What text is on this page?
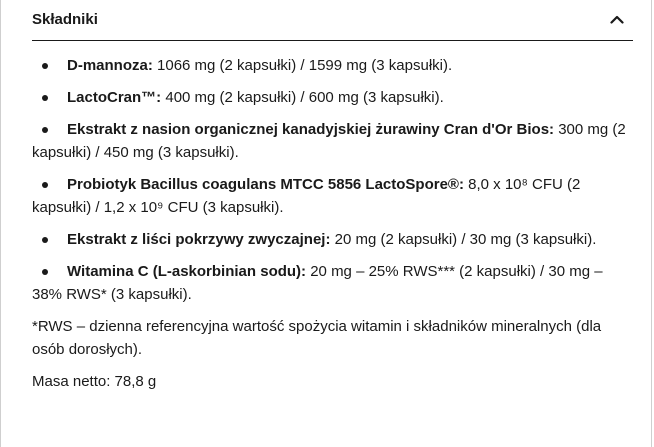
Składniki
D-mannoza: 1066 mg (2 kapsułki) / 1599 mg (3 kapsułki).
LactoCran™: 400 mg (2 kapsułki) / 600 mg (3 kapsułki).
Ekstrakt z nasion organicznej kanadyjskiej żurawiny Cran d'Or Bios: 300 mg (2 kapsułki) / 450 mg (3 kapsułki).
Probiotyk Bacillus coagulans MTCC 5856 LactoSpore®: 8,0 x 10⁸ CFU (2 kapsułki) / 1,2 x 10⁹ CFU (3 kapsułki).
Ekstrakt z liści pokrzywy zwyczajnej: 20 mg (2 kapsułki) / 30 mg (3 kapsułki).
Witamina C (L-askorbinian sodu): 20 mg – 25% RWS*** (2 kapsułki) / 30 mg – 38% RWS* (3 kapsułki).

*RWS – dzienna referencyjna wartość spożycia witamin i składników mineralnych (dla osób dorosłych).

Masa netto: 78,8 g
